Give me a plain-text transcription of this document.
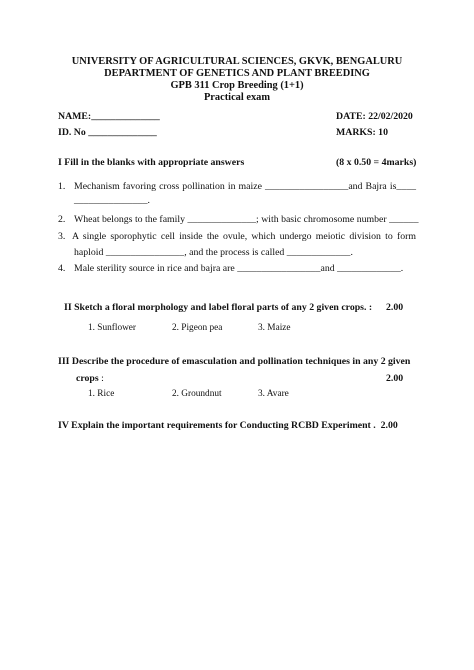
UNIVERSITY OF AGRICULTURAL SCIENCES, GKVK, BENGALURU
DEPARTMENT OF GENETICS AND PLANT BREEDING
GPB 311 Crop Breeding (1+1)
Practical exam
NAME:______________	DATE: 22/02/2020
ID. No ______________	MARKS: 10
I Fill in the blanks with appropriate answers	(8 x 0.50 = 4marks)
1. Mechanism favoring cross pollination in maize _________________and Bajra is____
_______________.
2. Wheat belongs to the family ______________; with basic chromosome number ______
3. A single sporophytic cell inside the ovule, which undergo meiotic division to form
haploid ________________, and the process is called _____________.
4. Male sterility source in rice and bajra are _________________and _____________.
II Sketch a floral morphology and label floral parts of any 2 given crops. : 2.00
1. Sunflower	2. Pigeon pea	3. Maize
III Describe the procedure of emasculation and pollination techniques in any 2 given
crops :	2.00
1. Rice	2. Groundnut	3. Avare
IV Explain the important requirements for Conducting RCBD Experiment . 2.00
